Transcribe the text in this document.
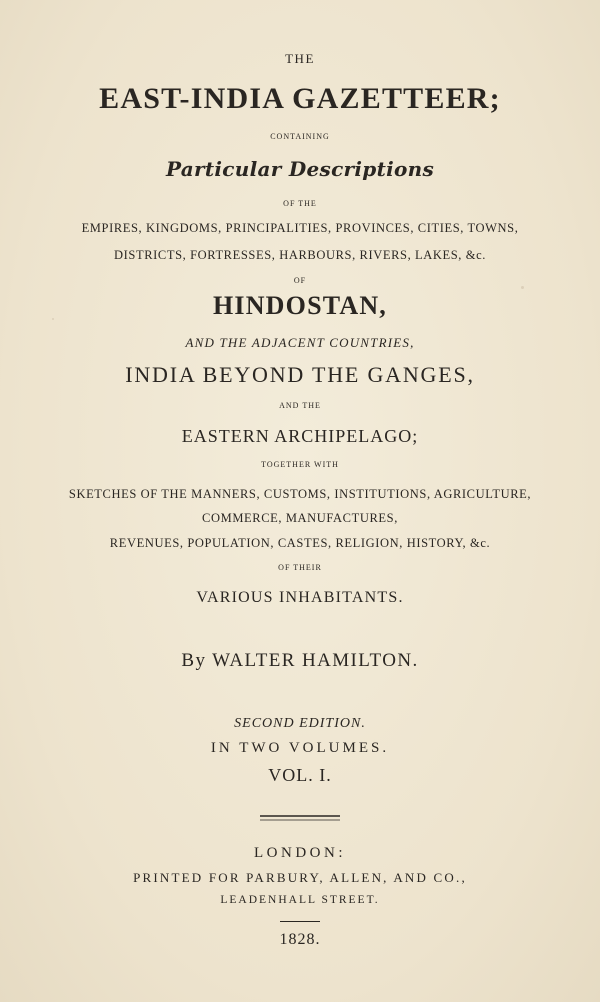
THE
EAST-INDIA GAZETTEER;
CONTAINING
Particular Descriptions
OF THE
EMPIRES, KINGDOMS, PRINCIPALITIES, PROVINCES, CITIES, TOWNS,
DISTRICTS, FORTRESSES, HARBOURS, RIVERS, LAKES, &c.
OF
HINDOSTAN,
AND THE ADJACENT COUNTRIES,
INDIA BEYOND THE GANGES,
AND THE
EASTERN ARCHIPELAGO;
TOGETHER WITH
SKETCHES OF THE MANNERS, CUSTOMS, INSTITUTIONS, AGRICULTURE,
COMMERCE, MANUFACTURES,
REVENUES, POPULATION, CASTES, RELIGION, HISTORY, &c.
OF THEIR
VARIOUS INHABITANTS.
By WALTER HAMILTON.
SECOND EDITION.
IN TWO VOLUMES.
VOL. I.
LONDON:
PRINTED FOR PARBURY, ALLEN, AND CO.,
LEADENHALL STREET.
1828.
